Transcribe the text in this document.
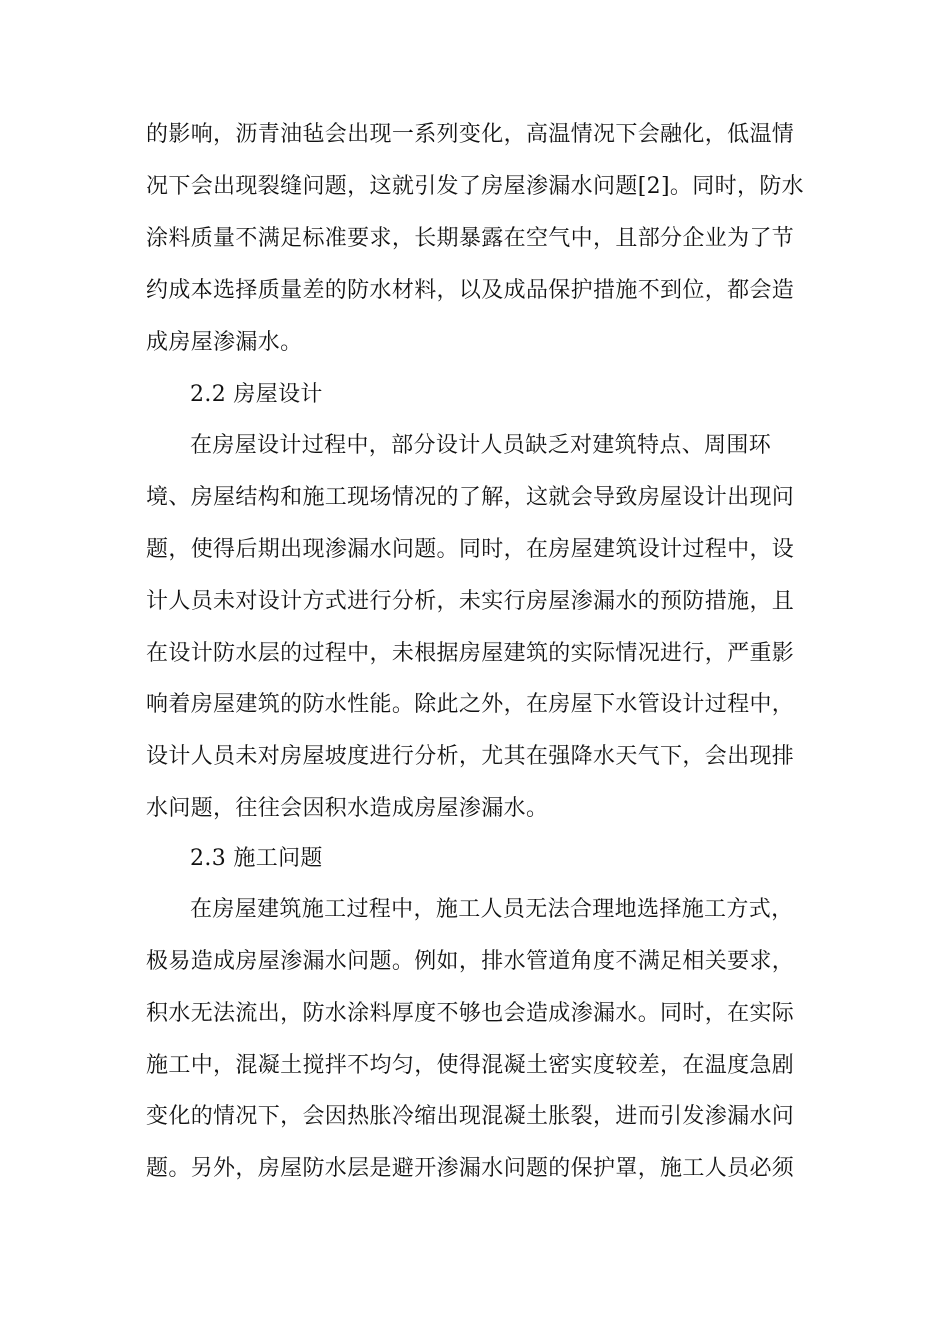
的影响，沥青油毡会出现一系列变化，高温情况下会融化，低温情
况下会出现裂缝问题，这就引发了房屋渗漏水问题[2]。同时，防水
涂料质量不满足标准要求，长期暴露在空气中，且部分企业为了节
约成本选择质量差的防水材料，以及成品保护措施不到位，都会造
成房屋渗漏水。
2.2 房屋设计
在房屋设计过程中，部分设计人员缺乏对建筑特点、周围环
境、房屋结构和施工现场情况的了解，这就会导致房屋设计出现问
题，使得后期出现渗漏水问题。同时，在房屋建筑设计过程中，设
计人员未对设计方式进行分析，未实行房屋渗漏水的预防措施，且
在设计防水层的过程中，未根据房屋建筑的实际情况进行，严重影
响着房屋建筑的防水性能。除此之外，在房屋下水管设计过程中，
设计人员未对房屋坡度进行分析，尤其在强降水天气下，会出现排
水问题，往往会因积水造成房屋渗漏水。
2.3 施工问题
在房屋建筑施工过程中，施工人员无法合理地选择施工方式，
极易造成房屋渗漏水问题。例如，排水管道角度不满足相关要求，
积水无法流出，防水涂料厚度不够也会造成渗漏水。同时，在实际
施工中，混凝土搅拌不均匀，使得混凝土密实度较差，在温度急剧
变化的情况下，会因热胀冷缩出现混凝土胀裂，进而引发渗漏水问
题。另外，房屋防水层是避开渗漏水问题的保护罩，施工人员必须
